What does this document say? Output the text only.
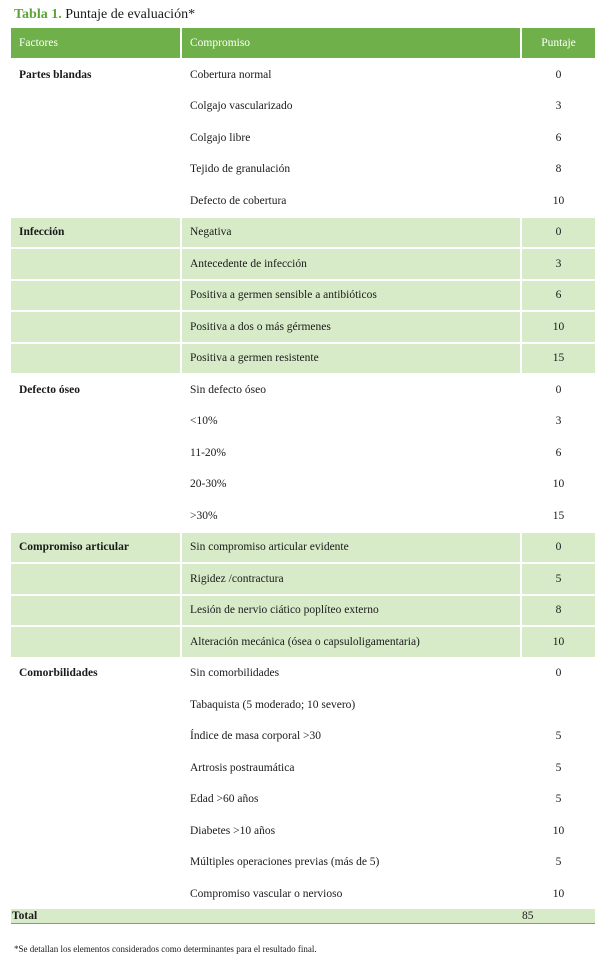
Tabla 1. Puntaje de evaluación*
Factores	Compromiso	Puntaje
Partes blandas	Cobertura normal	0
	Colgajo vascularizado	3
	Colgajo libre	6
	Tejido de granulación	8
	Defecto de cobertura	10
Infección	Negativa	0
	Antecedente de infección	3
	Positiva a germen sensible a antibióticos	6
	Positiva a dos o más gérmenes	10
	Positiva a germen resistente	15
Defecto óseo	Sin defecto óseo	0
	<10%	3
	11-20%	6
	20-30%	10
	>30%	15
Compromiso articular	Sin compromiso articular evidente	0
	Rigidez /contractura	5
	Lesión de nervio ciático poplíteo externo	8
	Alteración mecánica (ósea o capsuloligamentaria)	10
Comorbilidades	Sin comorbilidades	0
	Tabaquista (5 moderado; 10 severo)	
	Índice de masa corporal >30	5
	Artrosis postraumática	5
	Edad >60 años	5
	Diabetes >10 años	10
	Múltiples operaciones previas (más de 5)	5
	Compromiso vascular o nervioso	10
Total		85
*Se detallan los elementos considerados como determinantes para el resultado final.
